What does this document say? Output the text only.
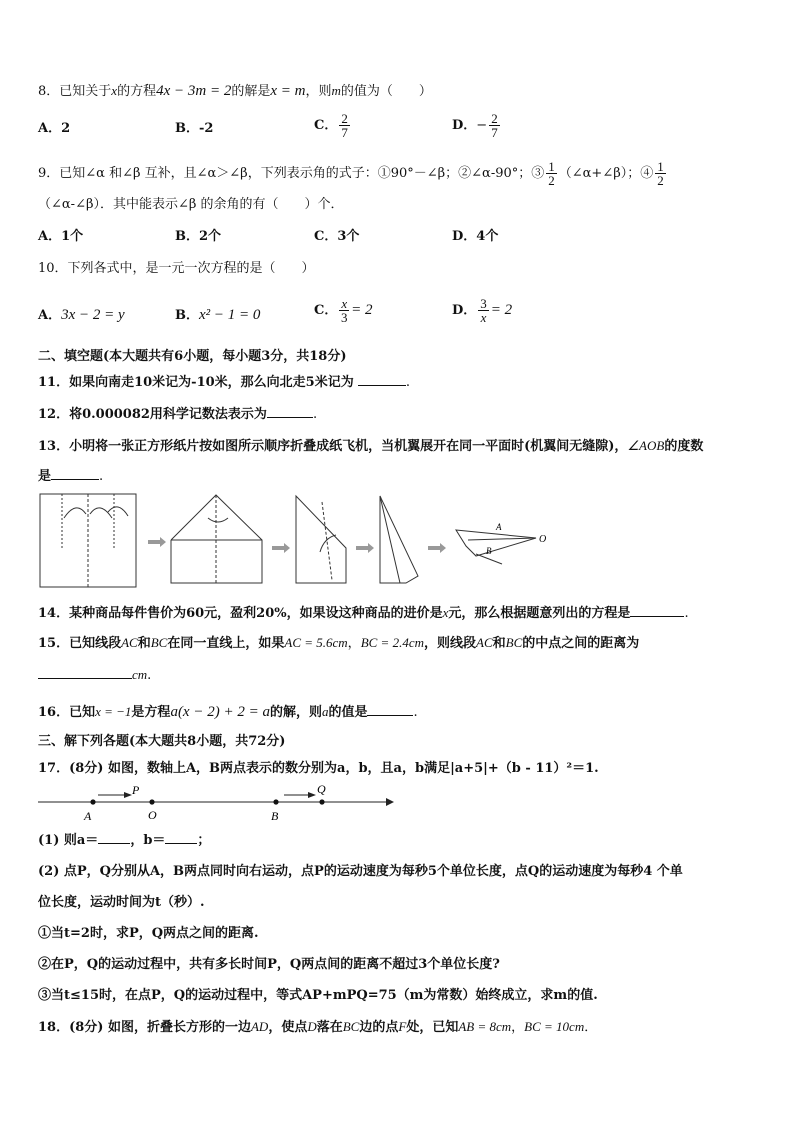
8．已知关于x的方程4x − 3m = 2的解是x = m，则m的值为（　　）
A．2	B．-2	C． $\frac{2}{7}$	D．− $\frac{2}{7}$
9．已知∠α 和∠β 互补，且∠α＞∠β，下列表示角的式子：①90°－∠β；②∠α-90°；③ $\frac{1}{2}$ （∠α+∠β）；④ $\frac{1}{2}$
（∠α-∠β）．其中能表示∠β 的余角的有（　　）个．
A．1个	B．2个	C．3个	D．4个
10．下列各式中，是一元一次方程的是（　　）
A．3x − 2 = y	B．x² − 1 = 0	C． $\frac{x}{3} = 2$	D． $\frac{3}{x} = 2$
二、填空题(本大题共有6小题，每小题3分，共18分)
11．如果向南走10米记为-10米，那么向北走5米记为	.
12．将0.000082用科学记数法表示为	.
13．小明将一张正方形纸片按如图所示顺序折叠成纸飞机，当机翼展开在同一平面时(机翼间无缝隙)，∠AOB的度数
是	.
A
B
O
14．某种商品每件售价为60元，盈利20%，如果设这种商品的进价是x元，那么根据题意列出的方程是	.
15．已知线段AC和BC在同一直线上，如果AC = 5.6cm，BC = 2.4cm，则线段AC和BC的中点之间的距离为
cm.
16．已知x = −1是方程a(x − 2) + 2 = a的解，则a的值是	.
三、解下列各题(本大题共8小题，共72分)
17．(8分) 如图，数轴上A，B两点表示的数分别为a，b，且a，b满足|a+5|+（b - 11）²＝1.
A
P
O	B
Q
(1) 则a＝ ，b＝ ；
(2) 点P，Q分别从A，B两点同时向右运动，点P的运动速度为每秒5个单位长度，点Q的运动速度为每秒4 个单
位长度，运动时间为t（秒）.
①当t=2时，求P，Q两点之间的距离.
②在P，Q的运动过程中，共有多长时间P，Q两点间的距离不超过3个单位长度?
③当t≤15时，在点P，Q的运动过程中，等式AP+mPQ=75（m为常数）始终成立，求m的值.
18．(8分) 如图，折叠长方形的一边AD，使点D落在BC边的点F处，已知AB = 8cm，BC = 10cm．
